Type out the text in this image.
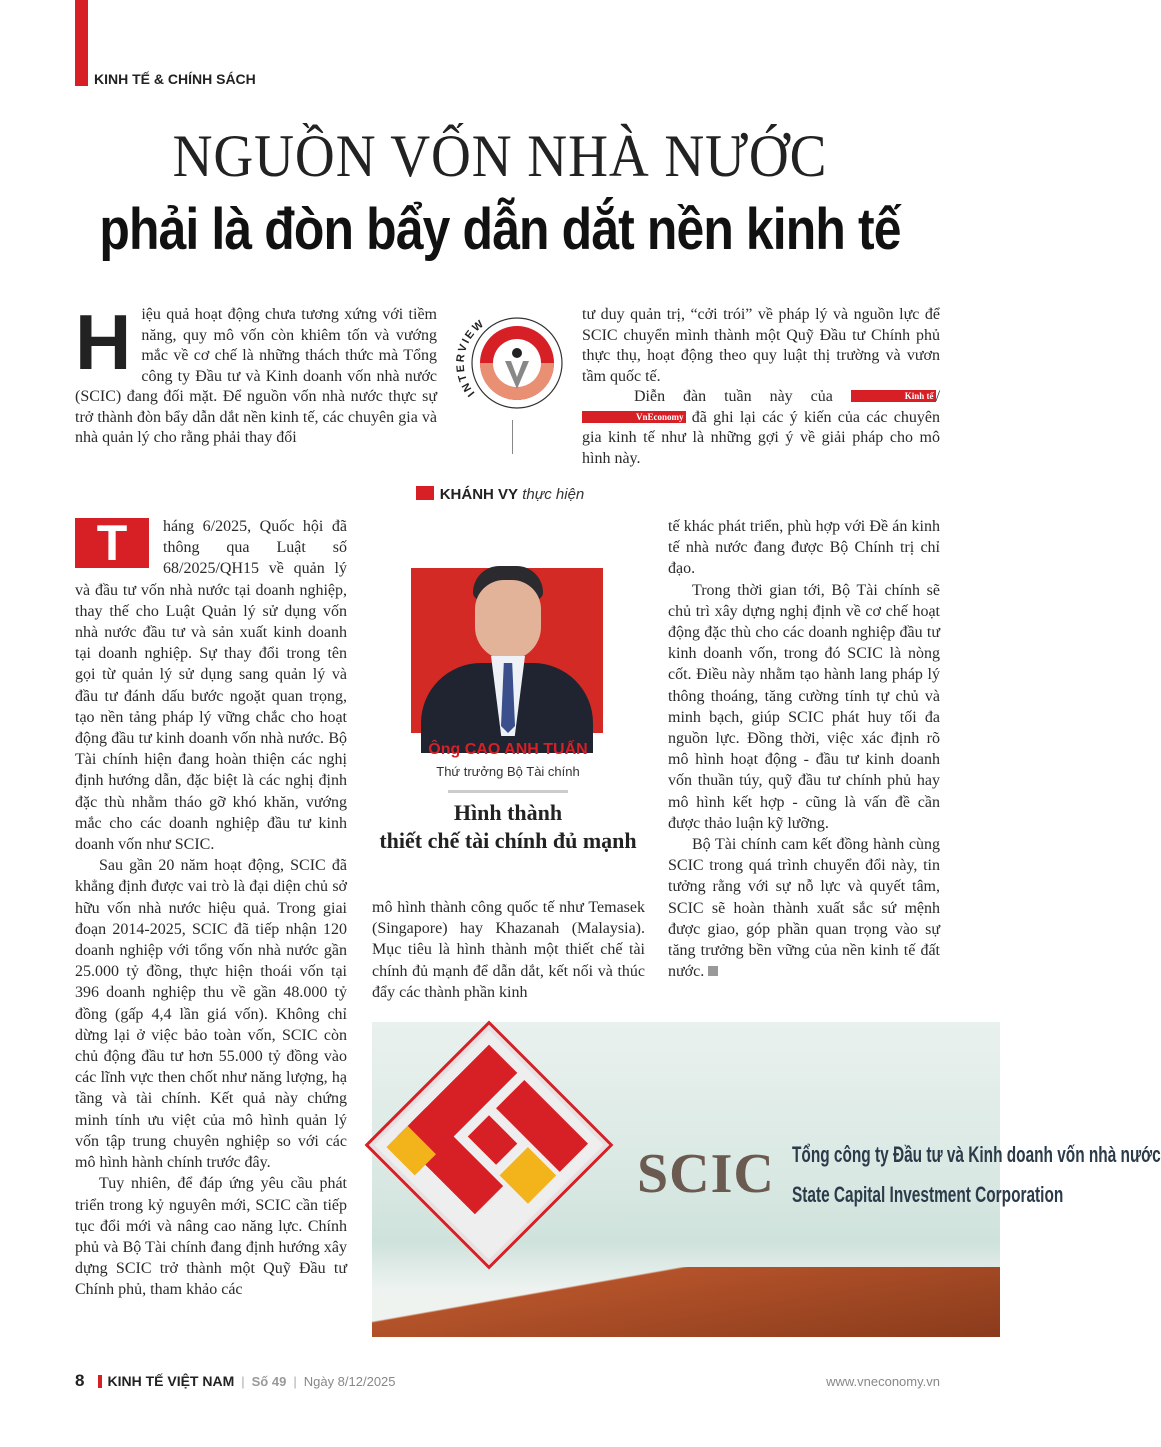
KINH TẾ & CHÍNH SÁCH
NGUỒN VỐN NHÀ NƯỚC
phải là đòn bẩy dẫn dắt nền kinh tế
H iệu quả hoạt động chưa tương xứng với tiềm năng, quy mô vốn còn khiêm tốn và vướng mắc về cơ chế là những thách thức mà Tổng công ty Đầu tư và Kinh doanh vốn nhà nước (SCIC) đang đối mặt. Để nguồn vốn nhà nước thực sự trở thành đòn bẩy dẫn dắt nền kinh tế, các chuyên gia và nhà quản lý cho rằng phải thay đổi
INTERVIEW

tư duy quản trị, “cởi trói” về pháp lý và nguồn lực để SCIC chuyển mình thành một Quỹ Đầu tư Chính phủ thực thụ, hoạt động theo quy luật thị trường và vươn tầm quốc tế.

Diễn đàn tuần này của	Kinh tế /VnEconomy đã ghi lại các ý kiến của các chuyên gia kinh tế như là những gợi ý về giải pháp cho mô hình này.

KHÁNH VY thực hiện
T	háng 6/2025, Quốc hội đã thông qua Luật số 68/2025/QH15 về quản lý và đầu tư vốn nhà nước tại doanh nghiệp, thay thế cho Luật Quản lý sử dụng vốn nhà nước đầu tư và sản xuất kinh doanh tại doanh nghiệp. Sự thay đổi trong tên gọi từ quản lý sử dụng sang quản lý và đầu tư đánh dấu bước ngoặt quan trọng, tạo nền tảng pháp lý vững chắc cho hoạt động đầu tư kinh doanh vốn nhà nước. Bộ Tài chính hiện đang hoàn thiện các nghị định hướng dẫn, đặc biệt là các nghị định đặc thù nhằm tháo gỡ khó khăn, vướng mắc cho các doanh nghiệp đầu tư kinh doanh vốn như SCIC.

Sau gần 20 năm hoạt động, SCIC đã khẳng định được vai trò là đại diện chủ sở hữu vốn nhà nước hiệu quả. Trong giai đoạn 2014-2025, SCIC đã tiếp nhận 120 doanh nghiệp với tổng vốn nhà nước gần 25.000 tỷ đồng, thực hiện thoái vốn tại 396 doanh nghiệp thu về gần 48.000 tỷ đồng (gấp 4,4 lần giá vốn). Không chỉ dừng lại ở việc bảo toàn vốn, SCIC còn chủ động đầu tư hơn 55.000 tỷ đồng vào các lĩnh vực then chốt như năng lượng, hạ tầng và tài chính. Kết quả này chứng minh tính ưu việt của mô hình quản lý vốn tập trung chuyên nghiệp so với các mô hình hành chính trước đây.

Tuy nhiên, để đáp ứng yêu cầu phát triển trong kỷ nguyên mới, SCIC cần tiếp tục đổi mới và nâng cao năng lực. Chính phủ và Bộ Tài chính đang định hướng xây dựng SCIC trở thành một Quỹ Đầu tư Chính phủ, tham khảo các

Ông CAO ANH TUẤN
Thứ trưởng Bộ Tài chính
Hình thành
thiết chế tài chính đủ mạnh

mô hình thành công quốc tế như Temasek (Singapore) hay Khazanah (Malaysia). Mục tiêu là hình thành một thiết chế tài chính đủ mạnh để dẫn dắt, kết nối và thúc đẩy các thành phần kinh

tế khác phát triển, phù hợp với Đề án kinh tế nhà nước đang được Bộ Chính trị chỉ đạo.

Trong thời gian tới, Bộ Tài chính sẽ chủ trì xây dựng nghị định về cơ chế hoạt động đặc thù cho các doanh nghiệp đầu tư kinh doanh vốn, trong đó SCIC là nòng cốt. Điều này nhằm tạo hành lang pháp lý thông thoáng, tăng cường tính tự chủ và minh bạch, giúp SCIC phát huy tối đa nguồn lực. Đồng thời, việc xác định rõ mô hình hoạt động - đầu tư kinh doanh vốn thuần túy, quỹ đầu tư chính phủ hay mô hình kết hợp - cũng là vấn đề cần được thảo luận kỹ lưỡng.

Bộ Tài chính cam kết đồng hành cùng SCIC trong quá trình chuyển đổi này, tin tưởng rằng với sự nỗ lực và quyết tâm, SCIC sẽ hoàn thành xuất sắc sứ mệnh được giao, góp phần quan trọng vào sự tăng trưởng bền vững của nền kinh tế đất nước.

SCIC Tổng công ty Đầu tư và Kinh doanh vốn nhà nước
State Capital Investment Corporation
8 KINH TẾ VIỆT NAM | Số 49 | Ngày 8/12/2025	www.vneconomy.vn
